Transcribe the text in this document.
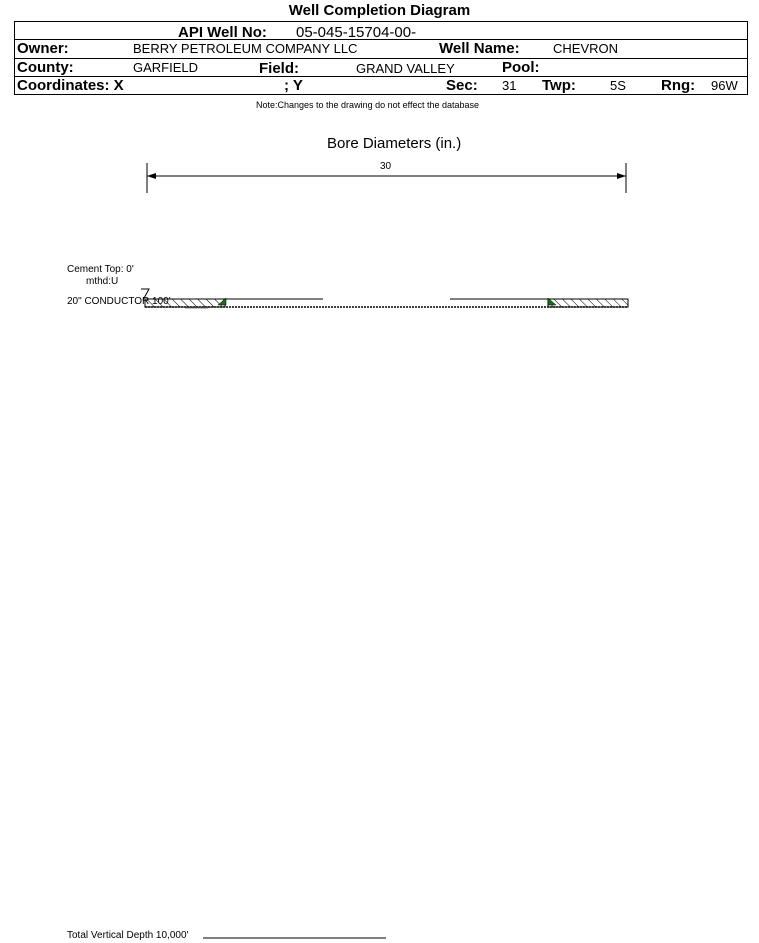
Well Completion Diagram
API Well No: 05-045-15704-00-
Owner:	BERRY PETROLEUM COMPANY LLC	Well Name:	CHEVRON
County:	GARFIELD	Field:	GRAND VALLEY	Pool:
Coordinates: X	; Y	Sec: 31 Twp:	5S Rng: 96W
Note:Changes to the drawing do not effect the database
Bore Diameters (in.)
30
Cement Top: 0'
mthd:U
20" CONDUCTOR 100'
Total Vertical Depth 10,000'
